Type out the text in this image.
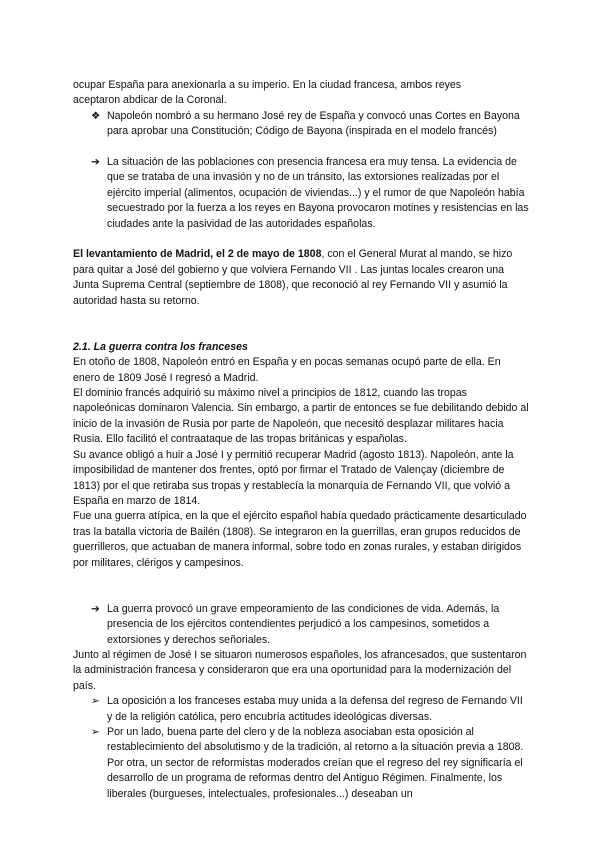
ocupar España para anexionarla a su imperio. En la ciudad francesa, ambos reyes

aceptaron abdicar de la Coronal.

❖ Napoleón nombró a su hermano José rey de España y convocó unas Cortes en Bayona para aprobar una Constitución; Código de Bayona (inspirada en el modelo francés)
➔ La situación de las poblaciones con presencia francesa era muy tensa. La evidencia de que se trataba de una invasión y no de un tránsito, las extorsiones realizadas por el ejército imperial (alimentos, ocupación de viviendas...) y el rumor de que Napoleón había secuestrado por la fuerza a los reyes en Bayona provocaron motines y resistencias en las ciudades ante la pasividad de las autoridades españolas.

El levantamiento de Madrid, el 2 de mayo de 1808, con el General Murat al mando, se hizo para quitar a José del gobierno y que volviera Fernando VII . Las juntas locales crearon una Junta Suprema Central (septiembre de 1808), que reconoció al rey Fernando VII y asumió la autoridad hasta su retorno.

2.1. La guerra contra los franceses

En otoño de 1808, Napoleón entró en España y en pocas semanas ocupó parte de ella. En enero de 1809 José I regresó a Madrid.

El dominio francés adquirió su máximo nivel a principios de 1812, cuando las tropas napoleónicas dominaron Valencia. Sin embargo, a partir de entonces se fue debilitando debido al inicio de la invasión de Rusia por parte de Napoleón, que necesitó desplazar militares hacia Rusia. Ello facilitó el contraataque de las tropas británicas y españolas.

Su avance obligó a huir a José I y permitió recuperar Madrid (agosto 1813). Napoleón, ante la imposibilidad de mantener dos frentes, optó por firmar el Tratado de Valençay (diciembre de 1813) por el que retiraba sus tropas y restablecía la monarquía de Fernando VII, que volvió a España en marzo de 1814.

Fue una guerra atípica, en la que el ejército español había quedado prácticamente desarticulado tras la batalla victoria de Bailén (1808). Se integraron en la guerrillas, eran grupos reducidos de guerrilleros, que actuaban de manera informal, sobre todo en zonas rurales, y estaban dirigidos por militares, clérigos y campesinos.

➔ La guerra provocó un grave empeoramiento de las condiciones de vida. Además, la presencia de los ejércitos contendientes perjudicó a los campesinos, sometidos a extorsiones y derechos señoriales.

Junto al régimen de José I se situaron numerosos españoles, los afrancesados, que sustentaron la administración francesa y consideraron que era una oportunidad para la modernización del país.

➢ La oposición a los franceses estaba muy unida a la defensa del regreso de Fernando VII y de la religión católica, pero encubría actitudes ideológicas diversas.
➢ Por un lado, buena parte del clero y de la nobleza asociaban esta oposición al restablecimiento del absolutismo y de la tradición, al retorno a la situación previa a 1808. Por otra, un sector de reformistas moderados creían que el regreso del rey significaría el desarrollo de un programa de reformas dentro del Antiguo Régimen. Finalmente, los liberales (burgueses, intelectuales, profesionales...) deseaban un
